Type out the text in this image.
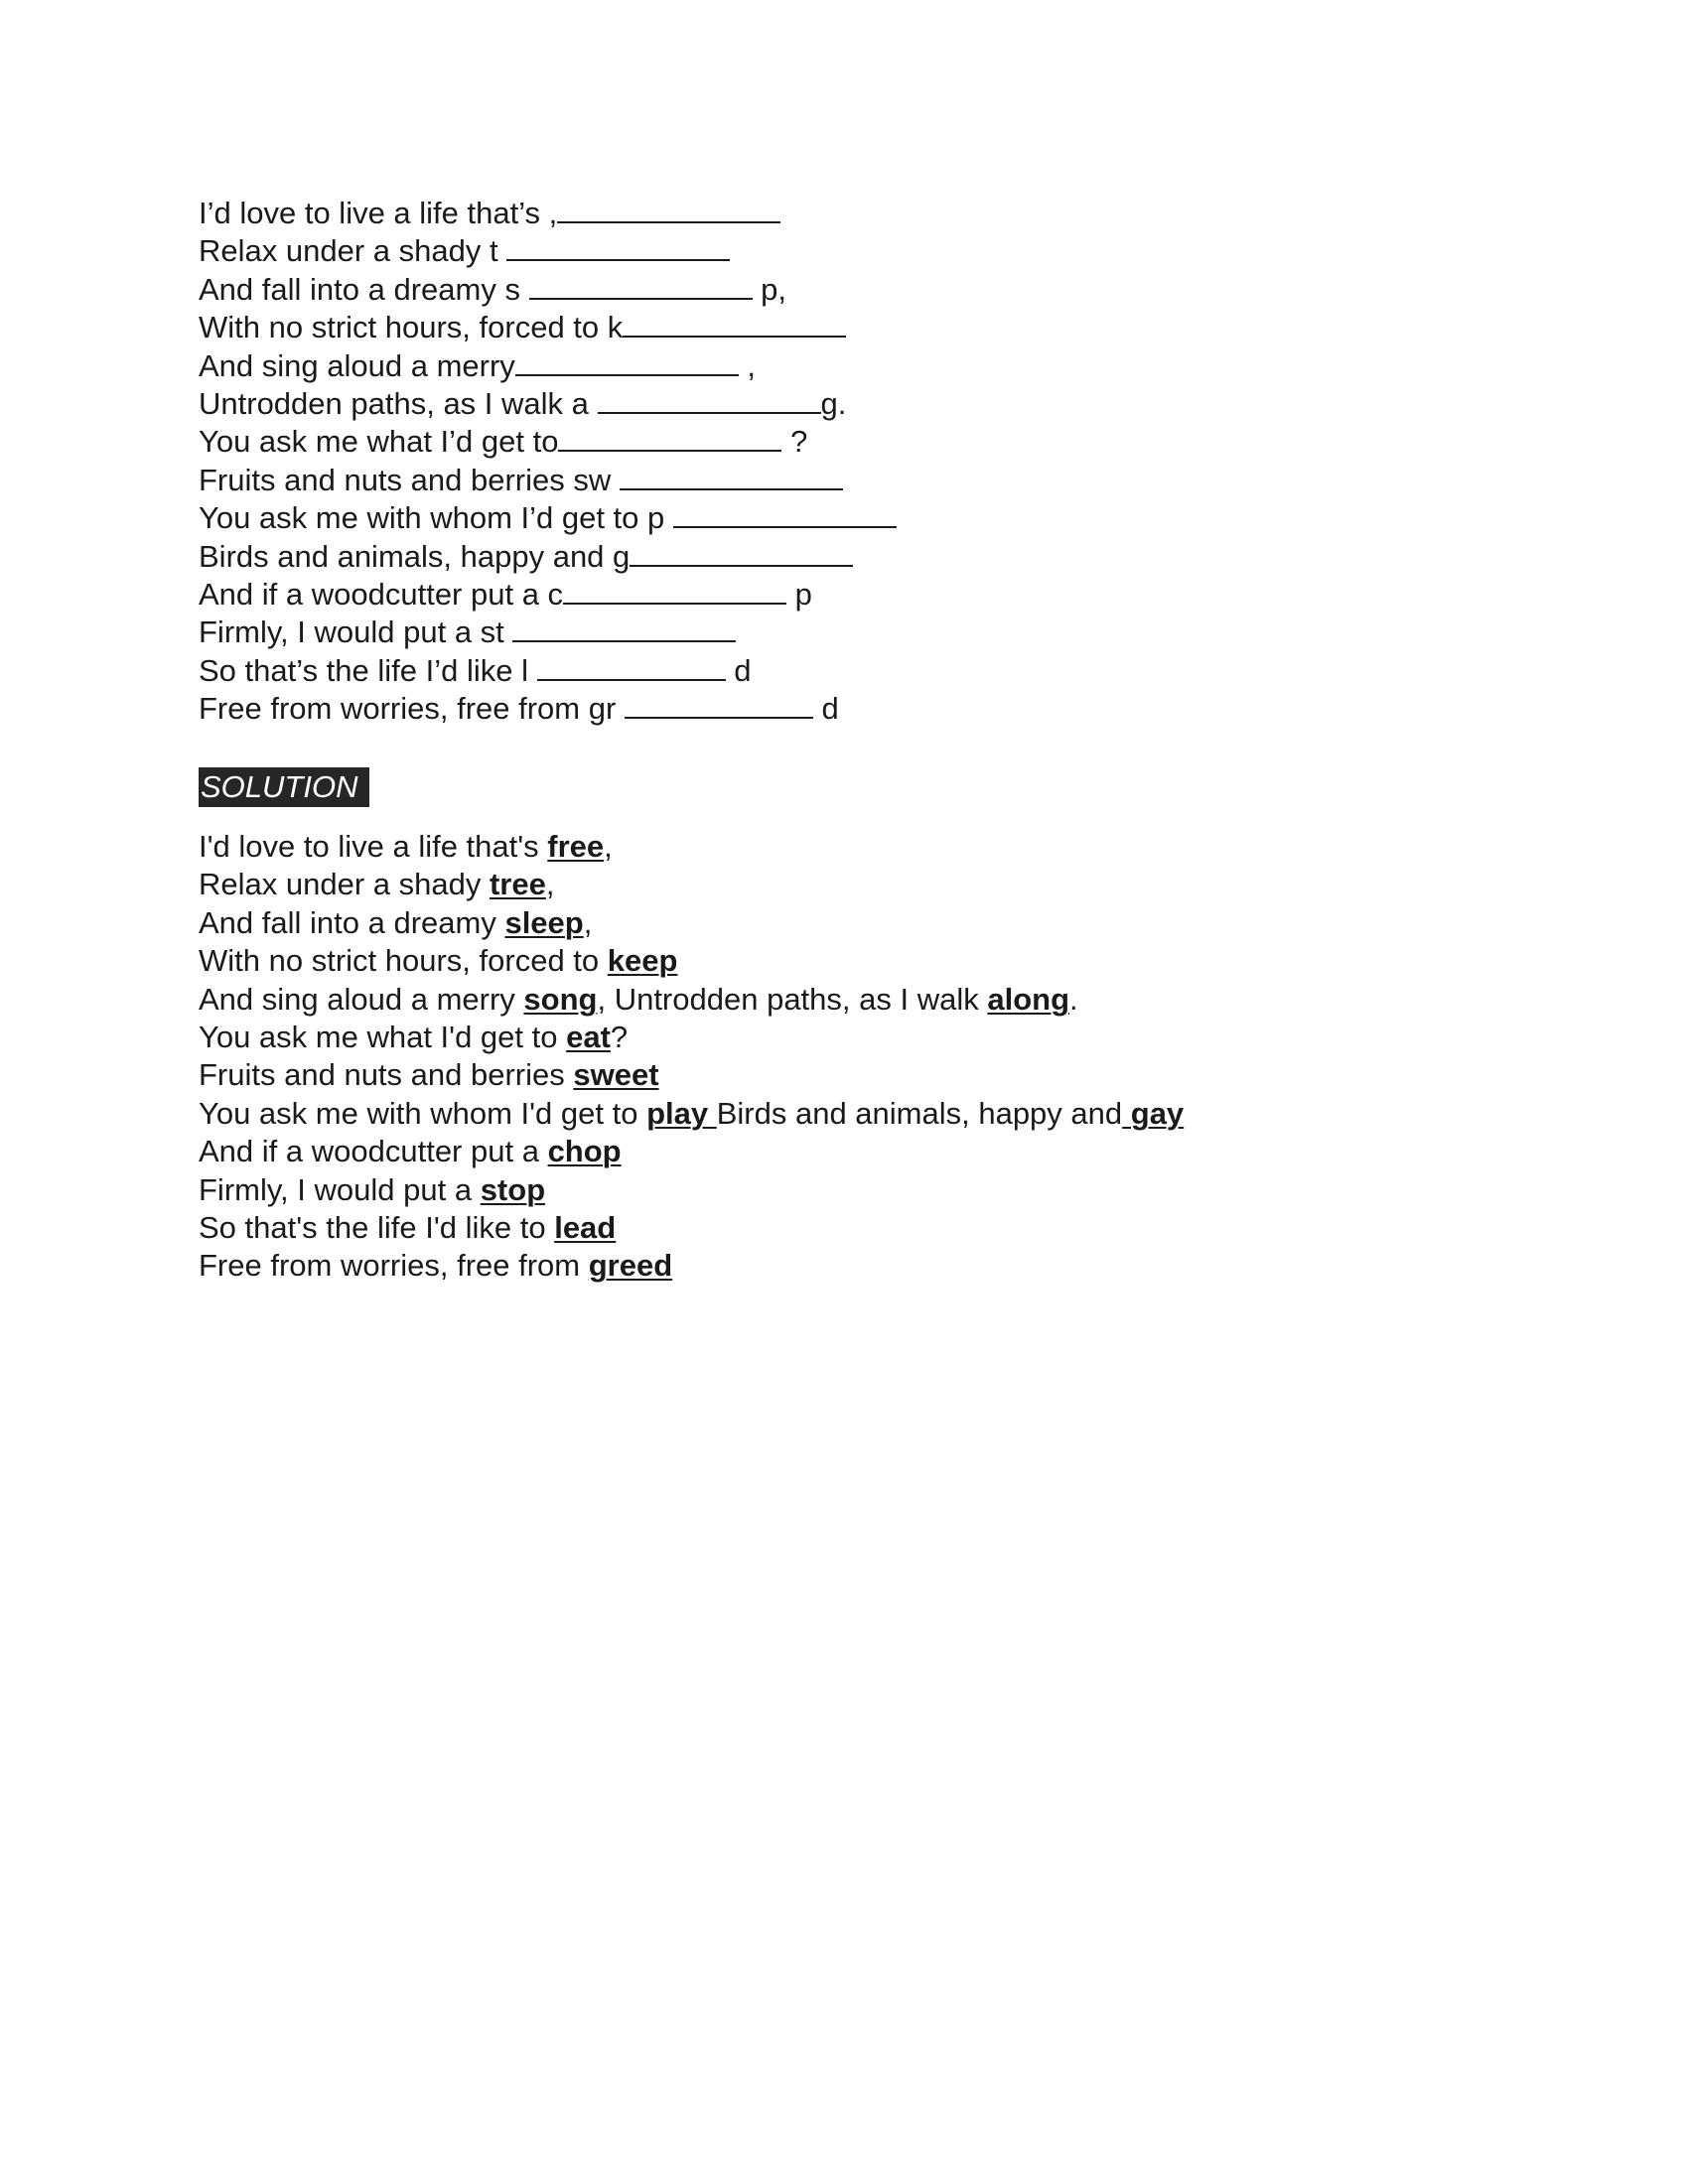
I’d love to live a life that’s ,
Relax under a shady t
And fall into a dreamy s	p,
With no strict hours, forced to k
And sing aloud a merry	,
Untrodden paths, as I walk a	g.
You ask me what I’d get to	?
Fruits and nuts and berries sw
You ask me with whom I’d get to p
Birds and animals, happy and g
And if a woodcutter put a c	p
Firmly, I would put a st
So that’s the life I’d like l	d
Free from worries, free from gr	d
SOLUTION
I'd love to live a life that's free,
Relax under a shady tree,
And fall into a dreamy sleep,
With no strict hours, forced to keep
And sing aloud a merry song, Untrodden paths, as I walk along.
You ask me what I'd get to eat?
Fruits and nuts and berries sweet
You ask me with whom I'd get to play Birds and animals, happy and gay
And if a woodcutter put a chop
Firmly, I would put a stop
So that's the life I'd like to lead
Free from worries, free from greed
